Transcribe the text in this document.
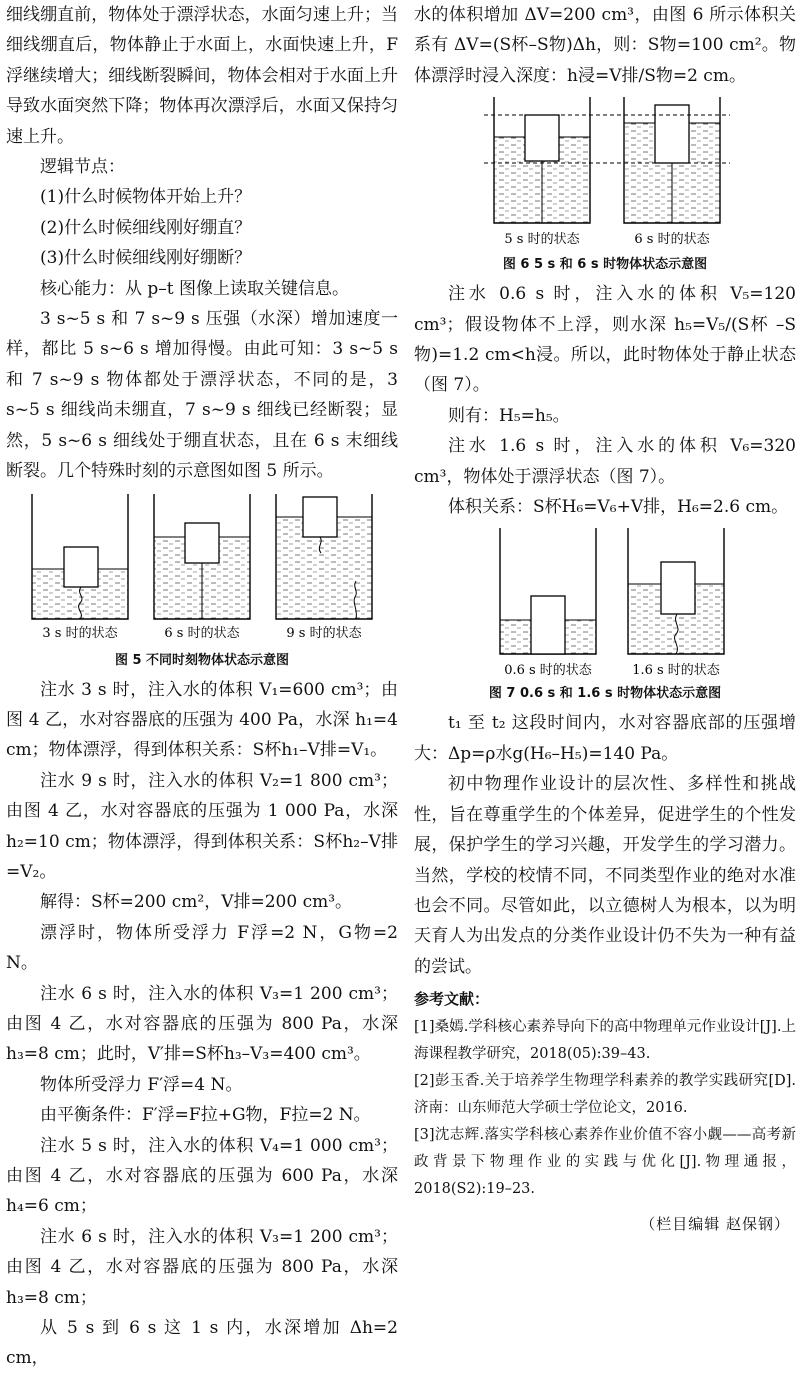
细线绷直前，物体处于漂浮状态，水面匀速上升；当细线绷直后，物体静止于水面上，水面快速上升，F浮继续增大；细线断裂瞬间，物体会相对于水面上升导致水面突然下降；物体再次漂浮后，水面又保持匀速上升。

逻辑节点：

(1)什么时候物体开始上升？

(2)什么时候细线刚好绷直？

(3)什么时候细线刚好绷断？

核心能力：从 p–t 图像上读取关键信息。

3 s~5 s 和 7 s~9 s 压强（水深）增加速度一样，都比 5 s~6 s 增加得慢。由此可知：3 s~5 s 和 7 s~9 s 物体都处于漂浮状态，不同的是，3 s~5 s 细线尚未绷直，7 s~9 s 细线已经断裂；显然，5 s~6 s 细线处于绷直状态，且在 6 s 末细线断裂。几个特殊时刻的示意图如图 5 所示。

3 s 时的状态	6 s 时的状态	9 s 时的状态
图 5 不同时刻物体状态示意图

注水 3 s 时，注入水的体积 V₁=600 cm³；由图 4 乙，水对容器底的压强为 400 Pa，水深 h₁=4 cm；物体漂浮，得到体积关系：S杯h₁–V排=V₁。

注水 9 s 时，注入水的体积 V₂=1 800 cm³；由图 4 乙，水对容器底的压强为 1 000 Pa，水深 h₂=10 cm；物体漂浮，得到体积关系：S杯h₂–V排=V₂。

解得：S杯=200 cm²，V排=200 cm³。

漂浮时，物体所受浮力 F浮=2 N，G物=2 N。

注水 6 s 时，注入水的体积 V₃=1 200 cm³；由图 4 乙，水对容器底的压强为 800 Pa，水深 h₃=8 cm；此时，V′排=S杯h₃–V₃=400 cm³。

物体所受浮力 F′浮=4 N。

由平衡条件：F′浮=F拉+G物，F拉=2 N。

注水 5 s 时，注入水的体积 V₄=1 000 cm³；由图 4 乙，水对容器底的压强为 600 Pa，水深 h₄=6 cm；

注水 6 s 时，注入水的体积 V₃=1 200 cm³；由图 4 乙，水对容器底的压强为 800 Pa，水深 h₃=8 cm；

从 5 s 到 6 s 这 1 s 内，水深增加 Δh=2 cm，

水的体积增加 ΔV=200 cm³，由图 6 所示体积关系有 ΔV=(S杯–S物)Δh，则：S物=100 cm²。物体漂浮时浸入深度：h浸=V排/S物=2 cm。

5 s 时的状态	6 s 时的状态
图 6 5 s 和 6 s 时物体状态示意图

注水 0.6 s 时，注入水的体积 V₅=120 cm³；假设物体不上浮，则水深 h₅=V₅/(S杯 –S物)=1.2 cm<h浸。所以，此时物体处于静止状态（图 7）。

则有：H₅=h₅。

注水 1.6 s 时，注入水的体积 V₆=320 cm³，物体处于漂浮状态（图 7）。

体积关系：S杯H₆=V₆+V排，H₆=2.6 cm。

0.6 s 时的状态	1.6 s 时的状态
图 7 0.6 s 和 1.6 s 时物体状态示意图

t₁ 至 t₂ 这段时间内，水对容器底部的压强增大：Δp=ρ水g(H₆–H₅)=140 Pa。

初中物理作业设计的层次性、多样性和挑战性，旨在尊重学生的个体差异，促进学生的个性发展，保护学生的学习兴趣，开发学生的学习潜力。当然，学校的校情不同，不同类型作业的绝对水准也会不同。尽管如此，以立德树人为根本，以为明天育人为出发点的分类作业设计仍不失为一种有益的尝试。

参考文献：

[1]桑嫣.学科核心素养导向下的高中物理单元作业设计[J].上海课程教学研究，2018(05):39–43.

[2]彭玉香.关于培养学生物理学科素养的教学实践研究[D].济南：山东师范大学硕士学位论文，2016.

[3]沈志辉.落实学科核心素养作业价值不容小觑——高考新政背景下物理作业的实践与优化[J].物理通报，2018(S2):19–23.

（栏目编辑 赵保钢）
